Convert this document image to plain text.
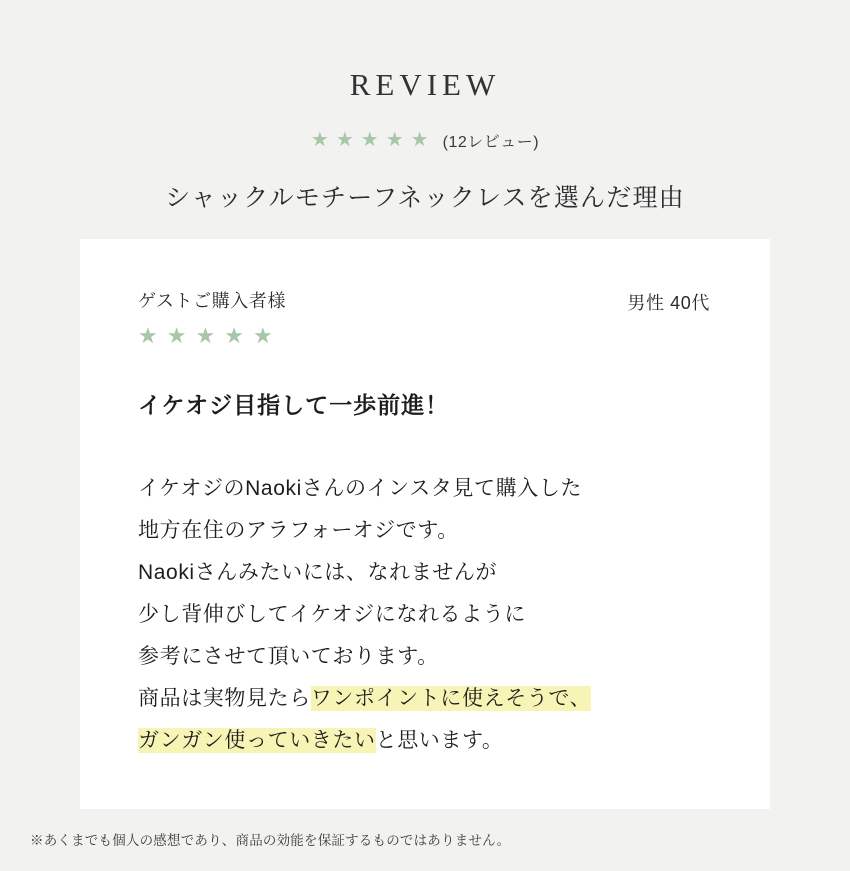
REVIEW
★ ★ ★ ★ ★ (12レビュー)
シャックルモチーフネックレスを選んだ理由
ゲストご購入者様	男性 40代
★ ★ ★ ★ ★
イケオジ目指して一歩前進！
イケオジのNaokiさんのインスタ見て購入した
地方在住のアラフォーオジです。
Naokiさんみたいには、なれませんが
少し背伸びしてイケオジになれるように
参考にさせて頂いております。
商品は実物見たらワンポイントに使えそうで、
ガンガン使っていきたいと思います。
※あくまでも個人の感想であり、商品の効能を保証するものではありません。
